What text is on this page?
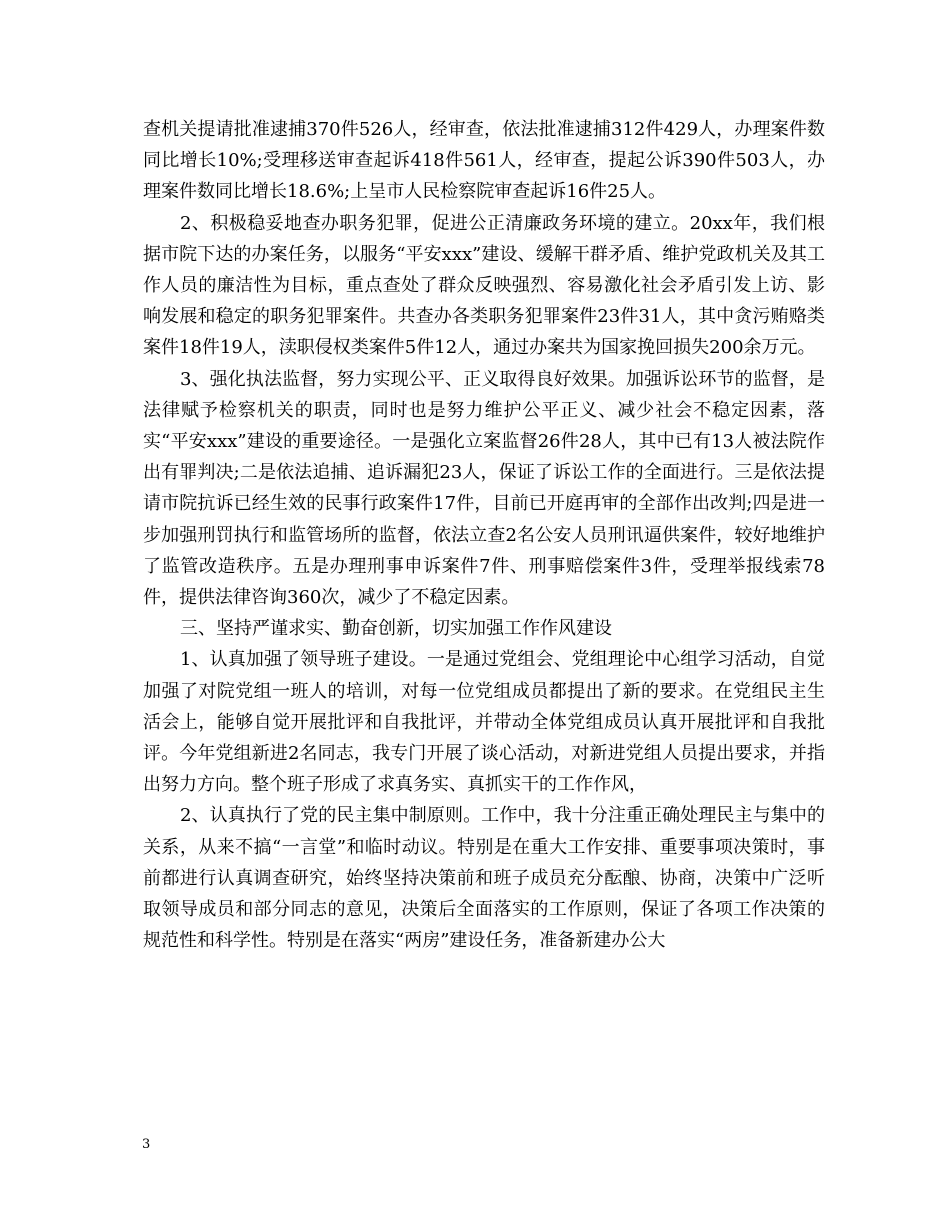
查机关提请批准逮捕370件526人，经审查，依法批准逮捕312件429人，办理案件数同比增长10%;受理移送审查起诉418件561人，经审查，提起公诉390件503人，办理案件数同比增长18.6%;上呈市人民检察院审查起诉16件25人。

2、积极稳妥地查办职务犯罪，促进公正清廉政务环境的建立。20xx年，我们根据市院下达的办案任务，以服务“平安xxx”建设、缓解干群矛盾、维护党政机关及其工作人员的廉洁性为目标，重点查处了群众反映强烈、容易激化社会矛盾引发上访、影响发展和稳定的职务犯罪案件。共查办各类职务犯罪案件23件31人，其中贪污贿赂类案件18件19人，渎职侵权类案件5件12人，通过办案共为国家挽回损失200余万元。

3、强化执法监督，努力实现公平、正义取得良好效果。加强诉讼环节的监督，是法律赋予检察机关的职责，同时也是努力维护公平正义、减少社会不稳定因素，落实“平安xxx”建设的重要途径。一是强化立案监督26件28人，其中已有13人被法院作出有罪判决;二是依法追捕、追诉漏犯23人，保证了诉讼工作的全面进行。三是依法提请市院抗诉已经生效的民事行政案件17件，目前已开庭再审的全部作出改判;四是进一步加强刑罚执行和监管场所的监督，依法立查2名公安人员刑讯逼供案件，较好地维护了监管改造秩序。五是办理刑事申诉案件7件、刑事赔偿案件3件，受理举报线索78件，提供法律咨询360次，减少了不稳定因素。

三、坚持严谨求实、勤奋创新，切实加强工作作风建设

1、认真加强了领导班子建设。一是通过党组会、党组理论中心组学习活动，自觉加强了对院党组一班人的培训，对每一位党组成员都提出了新的要求。在党组民主生活会上，能够自觉开展批评和自我批评，并带动全体党组成员认真开展批评和自我批评。今年党组新进2名同志，我专门开展了谈心活动，对新进党组人员提出要求，并指出努力方向。整个班子形成了求真务实、真抓实干的工作作风，

2、认真执行了党的民主集中制原则。工作中，我十分注重正确处理民主与集中的关系，从来不搞“一言堂”和临时动议。特别是在重大工作安排、重要事项决策时，事前都进行认真调查研究，始终坚持决策前和班子成员充分酝酿、协商，决策中广泛听取领导成员和部分同志的意见，决策后全面落实的工作原则，保证了各项工作决策的规范性和科学性。特别是在落实“两房”建设任务，准备新建办公大

3
